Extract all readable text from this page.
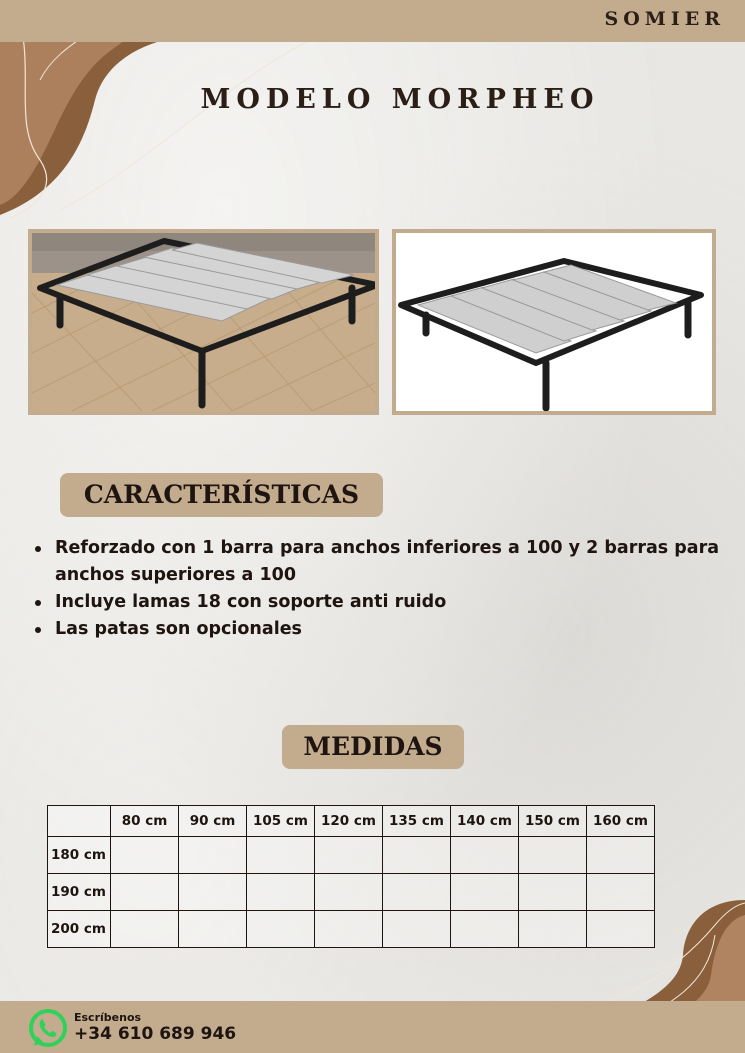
SOMIER
MODELO MORPHEO
CARACTERÍSTICAS
Reforzado con 1 barra para anchos inferiores a 100 y 2 barras para anchos superiores a 100
Incluye lamas 18 con soporte anti ruido
Las patas son opcionales
MEDIDAS
	80 cm	90 cm	105 cm	120 cm	135 cm	140 cm	150 cm	160 cm
180 cm								
190 cm								
200 cm								
Escríbenos
+34 610 689 946
